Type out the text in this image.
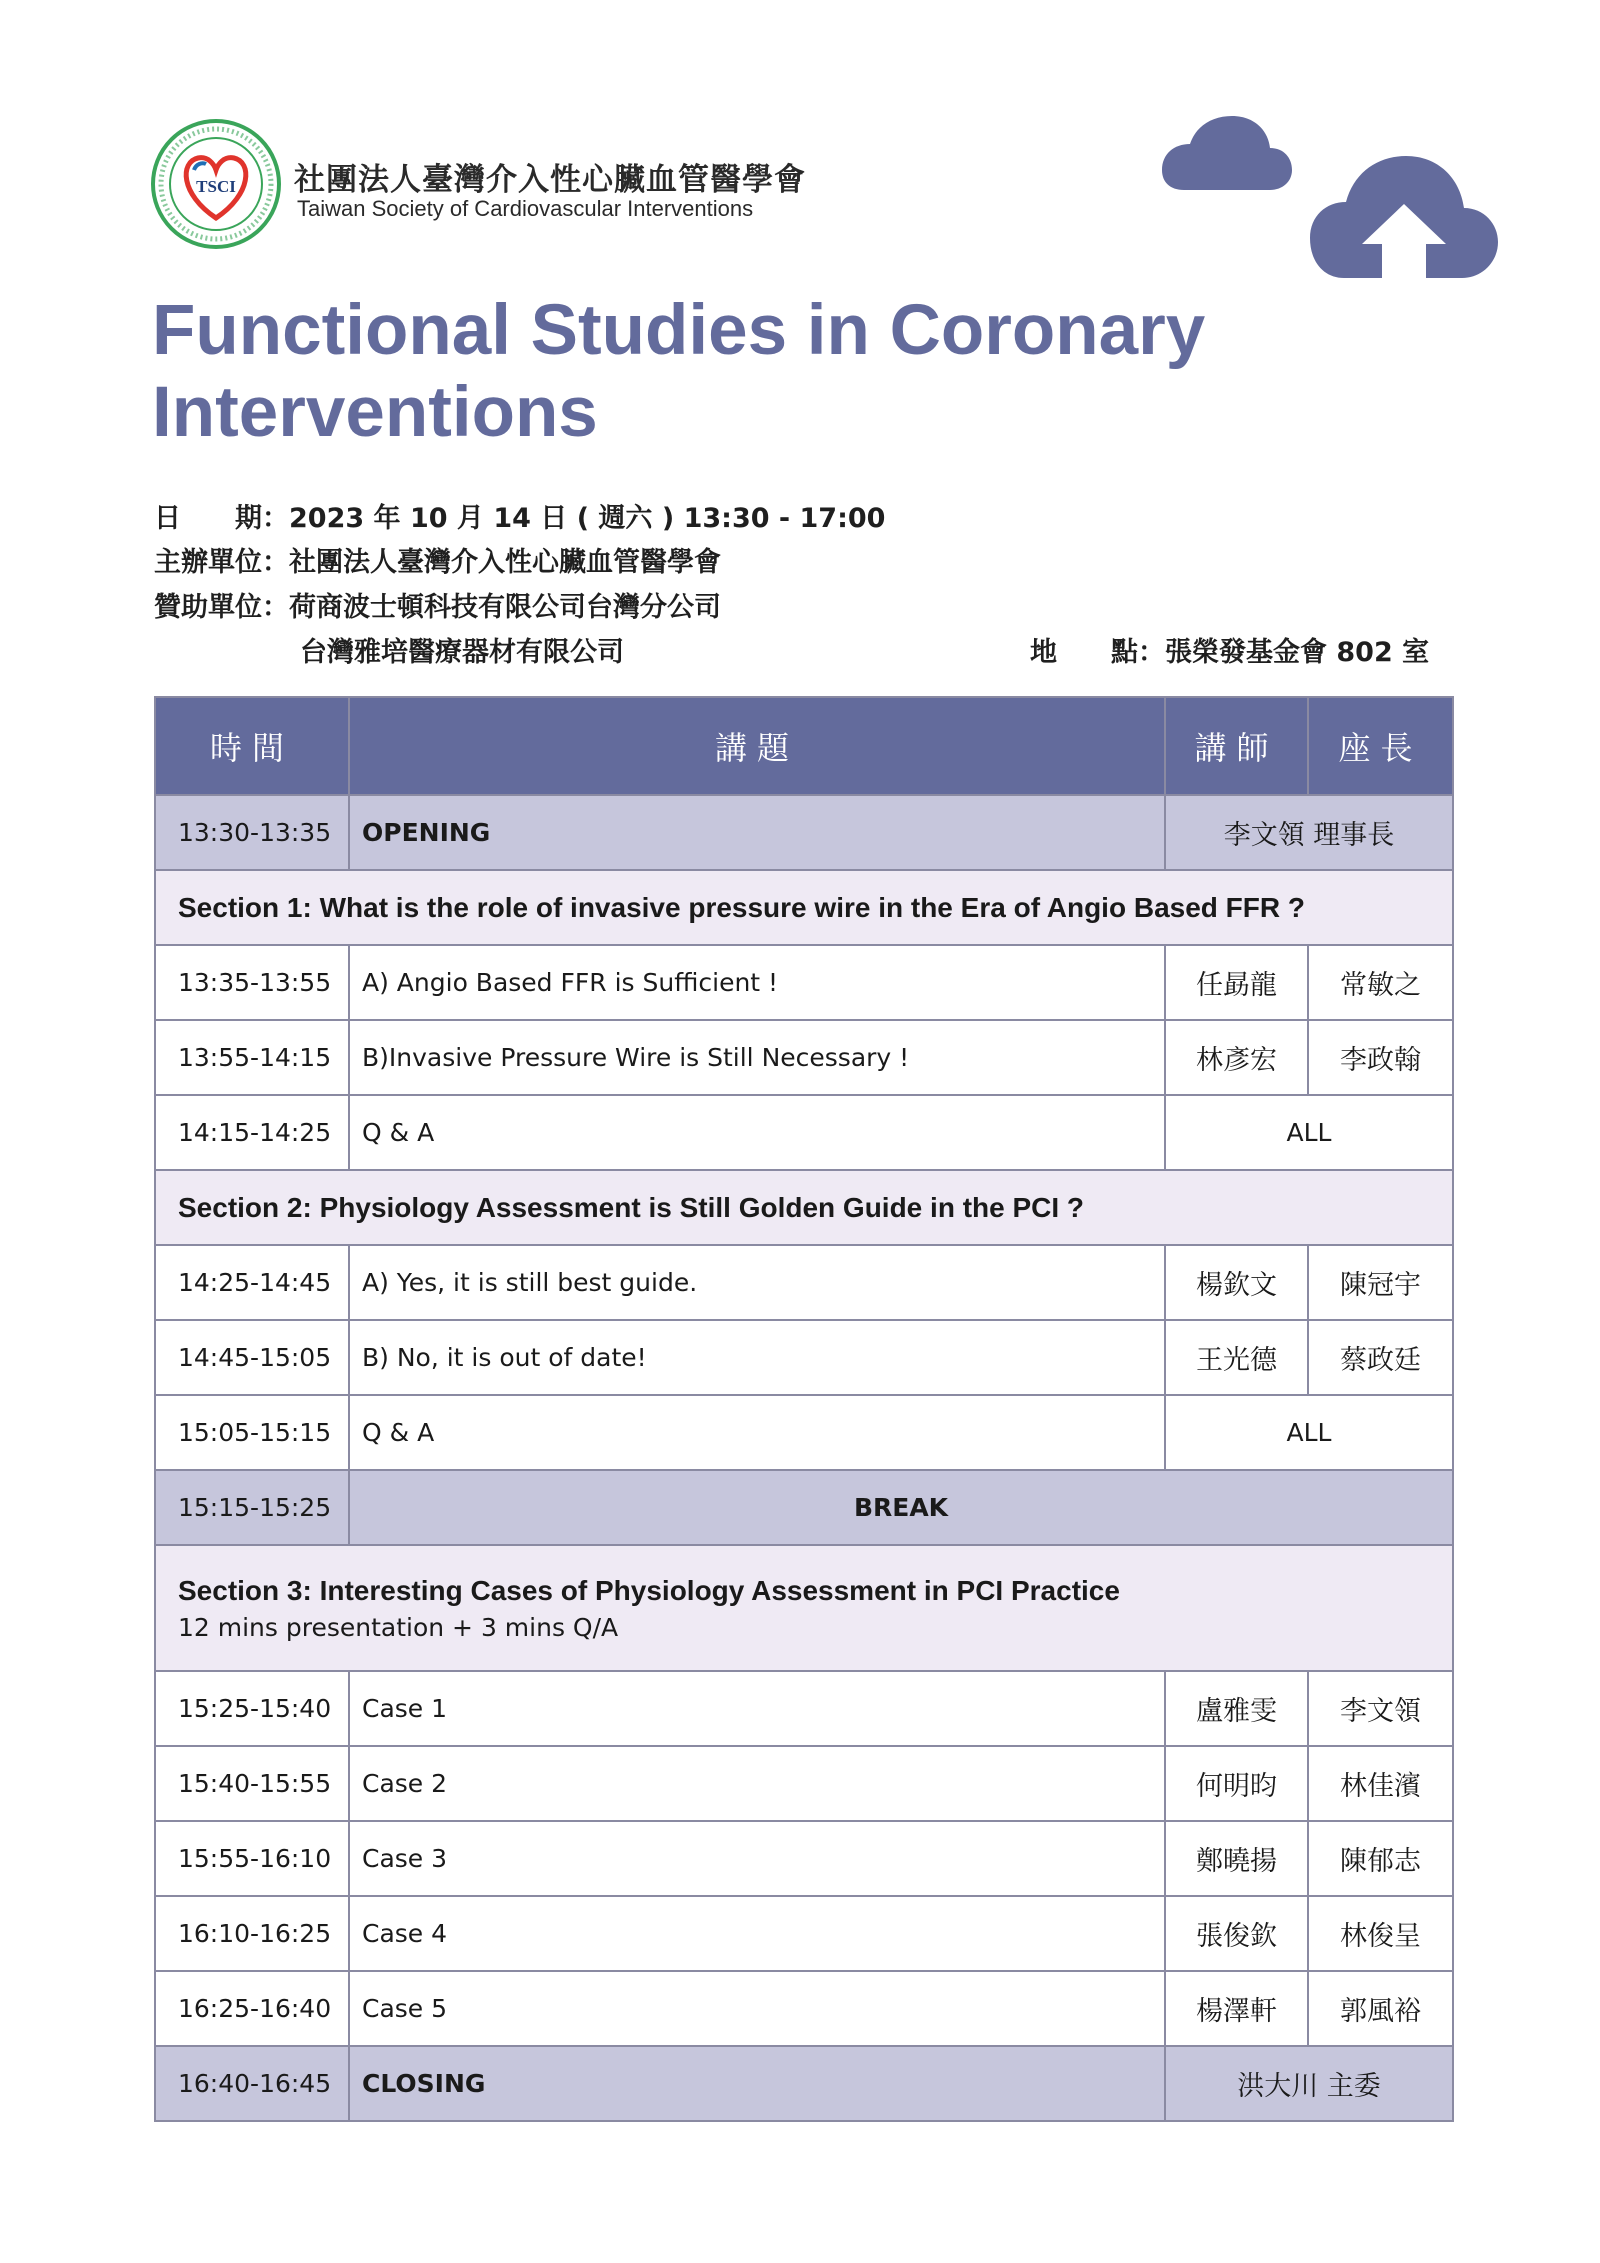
TSCI 社團法人臺灣介入性心臟血管醫學會
Taiwan Society of Cardiovascular Interventions
Functional Studies in Coronary
Interventions
日　　期：2023 年 10 月 14 日 ( 週六 ) 13:30 - 17:00
主辦單位：社團法人臺灣介入性心臟血管醫學會
贊助單位：荷商波士頓科技有限公司台灣分公司
台灣雅培醫療器材有限公司	地　　點：張榮發基金會 802 室
時間	講題	講師	座長
13:30-13:35	OPENING	李文領 理事長	
Section 1: What is the role of invasive pressure wire in the Era of Angio Based FFR ?			
13:35-13:55	A) Angio Based FFR is Sufficient !	任勗龍	常敏之
13:55-14:15	B)Invasive Pressure Wire is Still Necessary !	林彥宏	李政翰
14:15-14:25	Q & A	ALL	
Section 2: Physiology Assessment is Still Golden Guide in the PCI ?			
14:25-14:45	A) Yes, it is still best guide.	楊欽文	陳冠宇
14:45-15:05	B) No, it is out of date!	王光德	蔡政廷
15:05-15:15	Q & A	ALL	
15:15-15:25	BREAK		
Section 3: Interesting Cases of Physiology Assessment in PCI Practice
12 mins presentation + 3 mins Q/A			

15:25-15:40	Case 1	盧雅雯	李文領
15:40-15:55	Case 2	何明昀	林佳濱
15:55-16:10	Case 3	鄭曉揚	陳郁志
16:10-16:25	Case 4	張俊欽	林俊呈
16:25-16:40	Case 5	楊澤軒	郭風裕
16:40-16:45	CLOSING	洪大川 主委	
